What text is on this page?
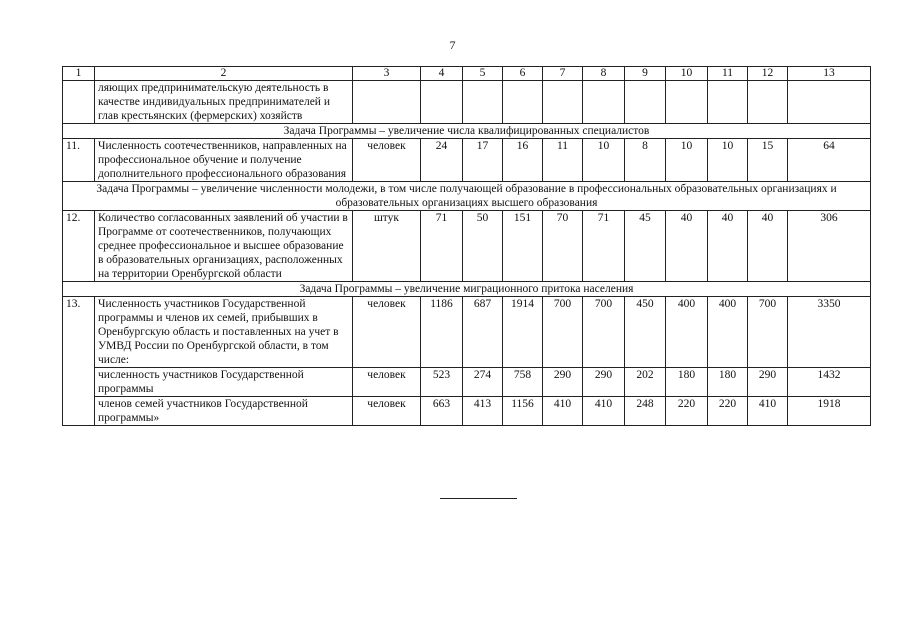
7
1	2	3	4	5	6	7	8	9	10	11	12	13
	ляющих предпринимательскую деятельность в качестве индивидуальных предпринимателей и глав крестьянских (фермерских) хозяйств											
Задача Программы – увеличение числа квалифицированных специалистов												
11.	Численность соотечественников, направленных на профессиональное обучение и получение дополнительного профессионального образования	человек	24	17	16	11	10	8	10	10	15	64
Задача Программы – увеличение численности молодежи, в том числе получающей образование в профессиональных образовательных организациях и образовательных организациях высшего образования												
12.	Количество согласованных заявлений об участии в Программе от соотечественников, получающих среднее профессиональное и высшее образование в образовательных организациях, расположенных на территории Оренбургской области	штук	71	50	151	70	71	45	40	40	40	306
Задача Программы – увеличение миграционного притока населения												
13.	Численность участников Государственной программы и членов их семей, прибывших в Оренбургскую область и поставленных на учет в УМВД России по Оренбургской области, в том числе:	человек	1186	687	1914	700	700	450	400	400	700	3350
	численность участников Государственной программы	человек	523	274	758	290	290	202	180	180	290	1432
	членов семей участников Государственной программы»	человек	663	413	1156	410	410	248	220	220	410	1918
